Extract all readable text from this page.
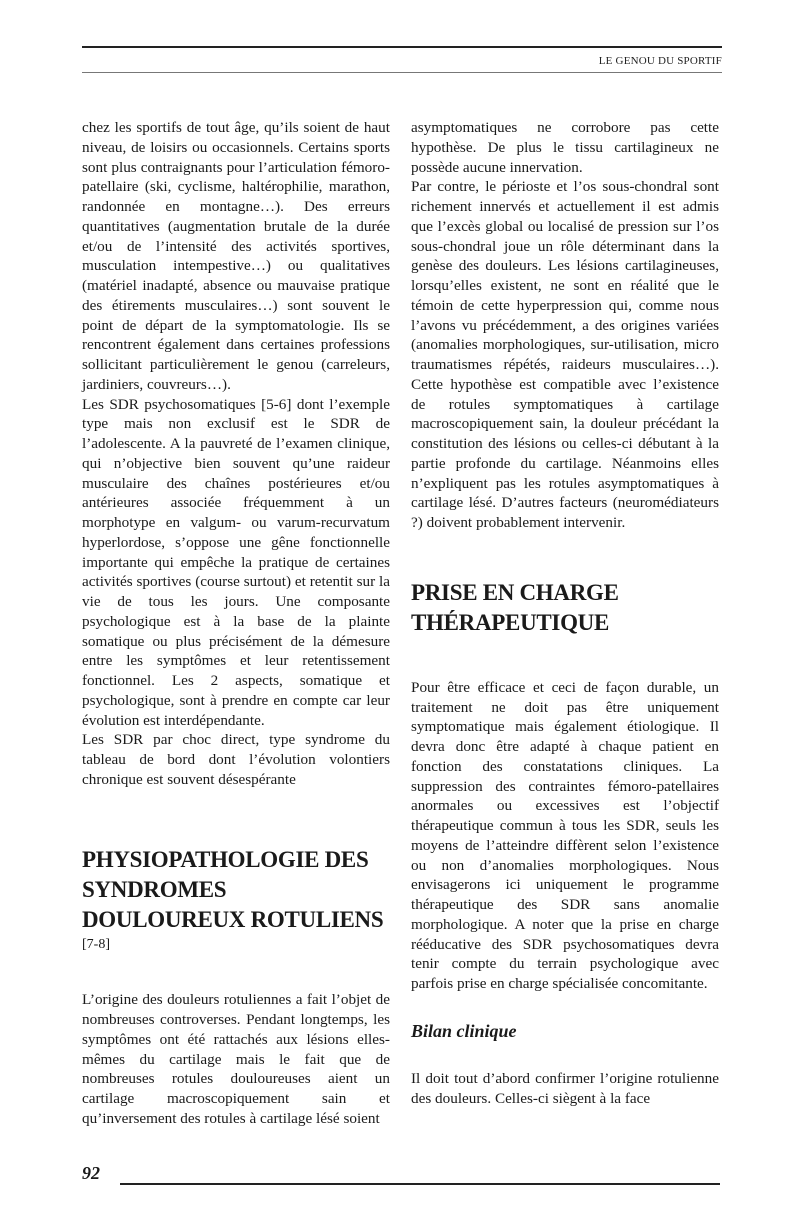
LE GENOU DU SPORTIF

chez les sportifs de tout âge, qu’ils soient de haut niveau, de loisirs ou occasionnels. Certains sports sont plus contraignants pour l’articulation fémoro-patellaire (ski, cyclisme, haltérophilie, marathon, randonnée en montagne…). Des erreurs quantitatives (augmentation brutale de la durée et/ou de l’intensité des activités sportives, musculation intempestive…) ou qualitatives (matériel inadapté, absence ou mauvaise pratique des étirements musculaires…) sont souvent le point de départ de la symptomatologie. Ils se rencontrent également dans certaines professions sollicitant particulièrement le genou (carreleurs, jardiniers, couvreurs…).

Les SDR psychosomatiques [5-6] dont l’exemple type mais non exclusif est le SDR de l’adolescente. A la pauvreté de l’examen clinique, qui n’objective bien souvent qu’une raideur musculaire des chaînes postérieures et/ou antérieures associée fréquemment à un morphotype en valgum- ou varum-recurvatum hyperlordose, s’oppose une gêne fonctionnelle importante qui empêche la pratique de certaines activités sportives (course surtout) et retentit sur la vie de tous les jours. Une composante psychologique est à la base de la plainte somatique ou plus précisément de la démesure entre les symptômes et leur retentissement fonctionnel. Les 2 aspects, somatique et psychologique, sont à prendre en compte car leur évolution est interdépendante.

Les SDR par choc direct, type syndrome du tableau de bord dont l’évolution volontiers chronique est souvent désespérante

PHYSIOPATHOLOGIE DES SYNDROMES DOULOUREUX ROTULIENS

[7-8]

L’origine des douleurs rotuliennes a fait l’objet de nombreuses controverses. Pendant longtemps, les symptômes ont été rattachés aux lésions elles-mêmes du cartilage mais le fait que de nombreuses rotules douloureuses aient un cartilage macroscopiquement sain et qu’inversement des rotules à cartilage lésé soient

asymptomatiques ne corrobore pas cette hypothèse. De plus le tissu cartilagineux ne possède aucune innervation.

Par contre, le périoste et l’os sous-chondral sont richement innervés et actuellement il est admis que l’excès global ou localisé de pression sur l’os sous-chondral joue un rôle déterminant dans la genèse des douleurs. Les lésions cartilagineuses, lorsqu’elles existent, ne sont en réalité que le témoin de cette hyperpression qui, comme nous l’avons vu précédemment, a des origines variées (anomalies morphologiques, sur-utilisation, micro traumatismes répétés, raideurs musculaires…). Cette hypothèse est compatible avec l’existence de rotules symptomatiques à cartilage macroscopiquement sain, la douleur précédant la constitution des lésions ou celles-ci débutant à la partie profonde du cartilage. Néanmoins elles n’expliquent pas les rotules asymptomatiques à cartilage lésé. D’autres facteurs (neuromédiateurs ?) doivent probablement intervenir.

PRISE EN CHARGE THÉRAPEUTIQUE

Pour être efficace et ceci de façon durable, un traitement ne doit pas être uniquement symptomatique mais également étiologique. Il devra donc être adapté à chaque patient en fonction des constatations cliniques. La suppression des contraintes fémoro-patellaires anormales ou excessives est l’objectif thérapeutique commun à tous les SDR, seuls les moyens de l’atteindre diffèrent selon l’existence ou non d’anomalies morphologiques. Nous envisagerons ici uniquement le programme thérapeutique des SDR sans anomalie morphologique. A noter que la prise en charge rééducative des SDR psychosomatiques devra tenir compte du terrain psychologique avec parfois prise en charge spécialisée concomitante.

Bilan clinique

Il doit tout d’abord confirmer l’origine rotulienne des douleurs. Celles-ci siègent à la face

92
